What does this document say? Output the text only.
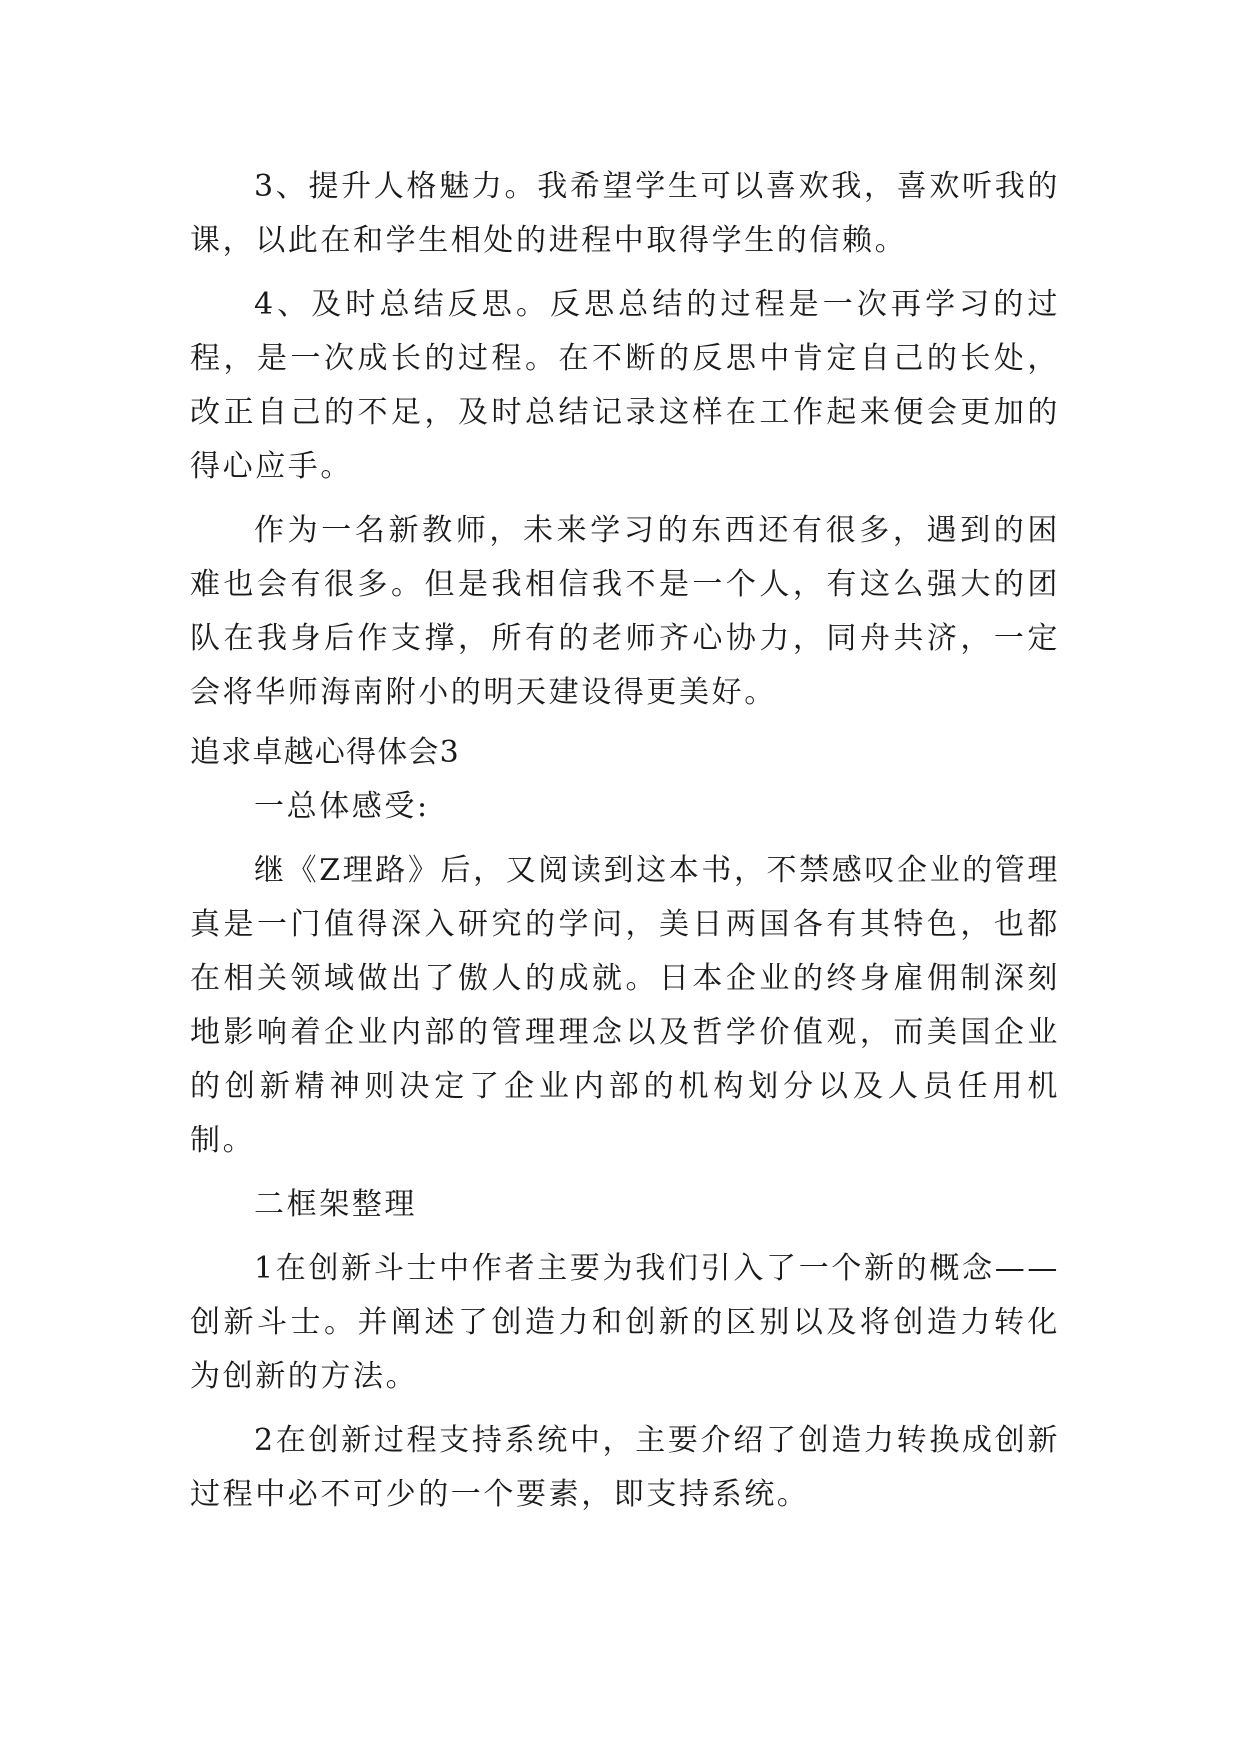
3、提升人格魅力。我希望学生可以喜欢我，喜欢听我的课，以此在和学生相处的进程中取得学生的信赖。

4、及时总结反思。反思总结的过程是一次再学习的过程，是一次成长的过程。在不断的反思中肯定自己的长处，改正自己的不足，及时总结记录这样在工作起来便会更加的得心应手。

作为一名新教师，未来学习的东西还有很多，遇到的困难也会有很多。但是我相信我不是一个人，有这么强大的团队在我身后作支撑，所有的老师齐心协力，同舟共济，一定会将华师海南附小的明天建设得更美好。

追求卓越心得体会3

一总体感受:

继《Z理路》后，又阅读到这本书，不禁感叹企业的管理真是一门值得深入研究的学问，美日两国各有其特色，也都在相关领域做出了傲人的成就。日本企业的终身雇佣制深刻地影响着企业内部的管理理念以及哲学价值观，而美国企业的创新精神则决定了企业内部的机构划分以及人员任用机制。

二框架整理

1在创新斗士中作者主要为我们引入了一个新的概念——创新斗士。并阐述了创造力和创新的区别以及将创造力转化为创新的方法。

2在创新过程支持系统中，主要介绍了创造力转换成创新过程中必不可少的一个要素，即支持系统。
